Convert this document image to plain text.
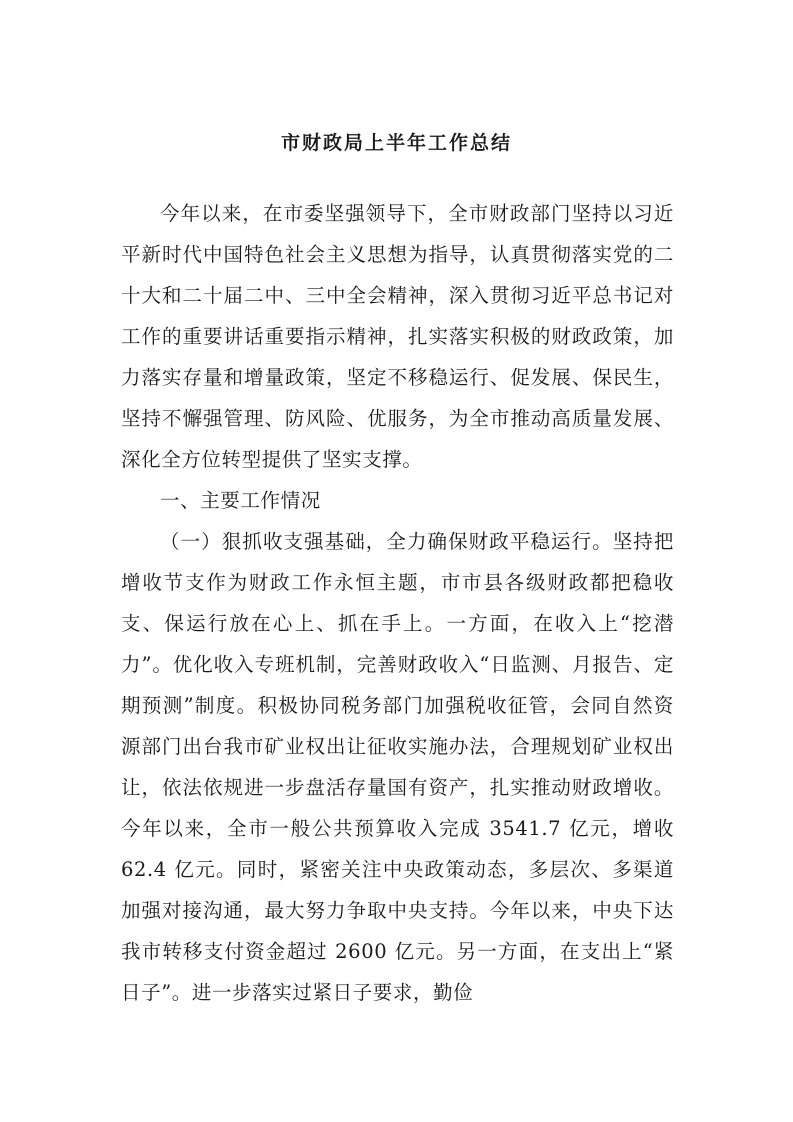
市财政局上半年工作总结

今年以来，在市委坚强领导下，全市财政部门坚持以习近平新时代中国特色社会主义思想为指导，认真贯彻落实党的二十大和二十届二中、三中全会精神，深入贯彻习近平总书记对工作的重要讲话重要指示精神，扎实落实积极的财政政策，加力落实存量和增量政策，坚定不移稳运行、促发展、保民生，坚持不懈强管理、防风险、优服务，为全市推动高质量发展、深化全方位转型提供了坚实支撑。

一、主要工作情况

（一）狠抓收支强基础，全力确保财政平稳运行。坚持把增收节支作为财政工作永恒主题，市市县各级财政都把稳收支、保运行放在心上、抓在手上。一方面，在收入上“挖潜力”。优化收入专班机制，完善财政收入“日监测、月报告、定期预测”制度。积极协同税务部门加强税收征管，会同自然资源部门出台我市矿业权出让征收实施办法，合理规划矿业权出让，依法依规进一步盘活存量国有资产，扎实推动财政增收。今年以来，全市一般公共预算收入完成 3541.7 亿元，增收 62.4 亿元。同时，紧密关注中央政策动态，多层次、多渠道加强对接沟通，最大努力争取中央支持。今年以来，中央下达我市转移支付资金超过 2600 亿元。另一方面，在支出上“紧日子”。进一步落实过紧日子要求，勤俭
